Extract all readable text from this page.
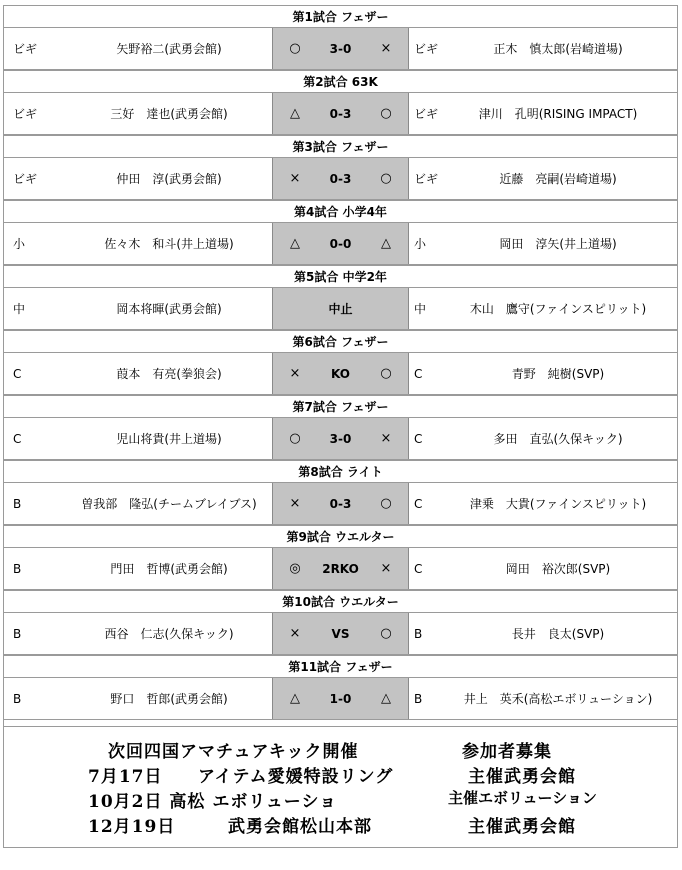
第1試合 フェザー
ビギ	矢野裕二(武勇会館)	○	3-0	×	ビギ	正木　慎太郎(岩崎道場)
第2試合 63K
ビギ	三好　達也(武勇会館)	△	0-3	○	ビギ	津川　孔明(RISING IMPACT)
第3試合 フェザー
ビギ	仲田　淳(武勇会館)	×	0-3	○	ビギ	近藤　亮嗣(岩崎道場)
第4試合 小学4年
小	佐々木　和斗(井上道場)	△	0-0	△	小	岡田　淳矢(井上道場)
第5試合 中学2年
中	岡本将暉(武勇会館)	中止	中	木山　鷹守(ファインスピリット)
第6試合 フェザー
C	葭本　有亮(拳狼会)	×	KO	○	C	青野　純樹(SVP)
第7試合 フェザー
C	児山将貴(井上道場)	○	3-0	×	C	多田　直弘(久保キック)
第8試合 ライト
B	曽我部　隆弘(チームブレイブス)	×	0-3	○	C	津乗　大貴(ファインスピリット)
第9試合 ウエルター
B	門田　哲博(武勇会館)	◎	2RKO	×	C	岡田　裕次郎(SVP)
第10試合 ウエルター
B	西谷　仁志(久保キック)	×	VS	○	B	長井　良太(SVP)
第11試合 フェザー
B	野口　哲郎(武勇会館)	△	1-0	△	B	井上　英禾(高松エボリューション)
次回四国アマチュアキック開催	参加者募集
7月17日 アイテム愛媛特設リング	主催武勇会館
10月2日 高松 エボリューショ	主催エボリューション
12月19日	武勇会館松山本部	主催武勇会館
